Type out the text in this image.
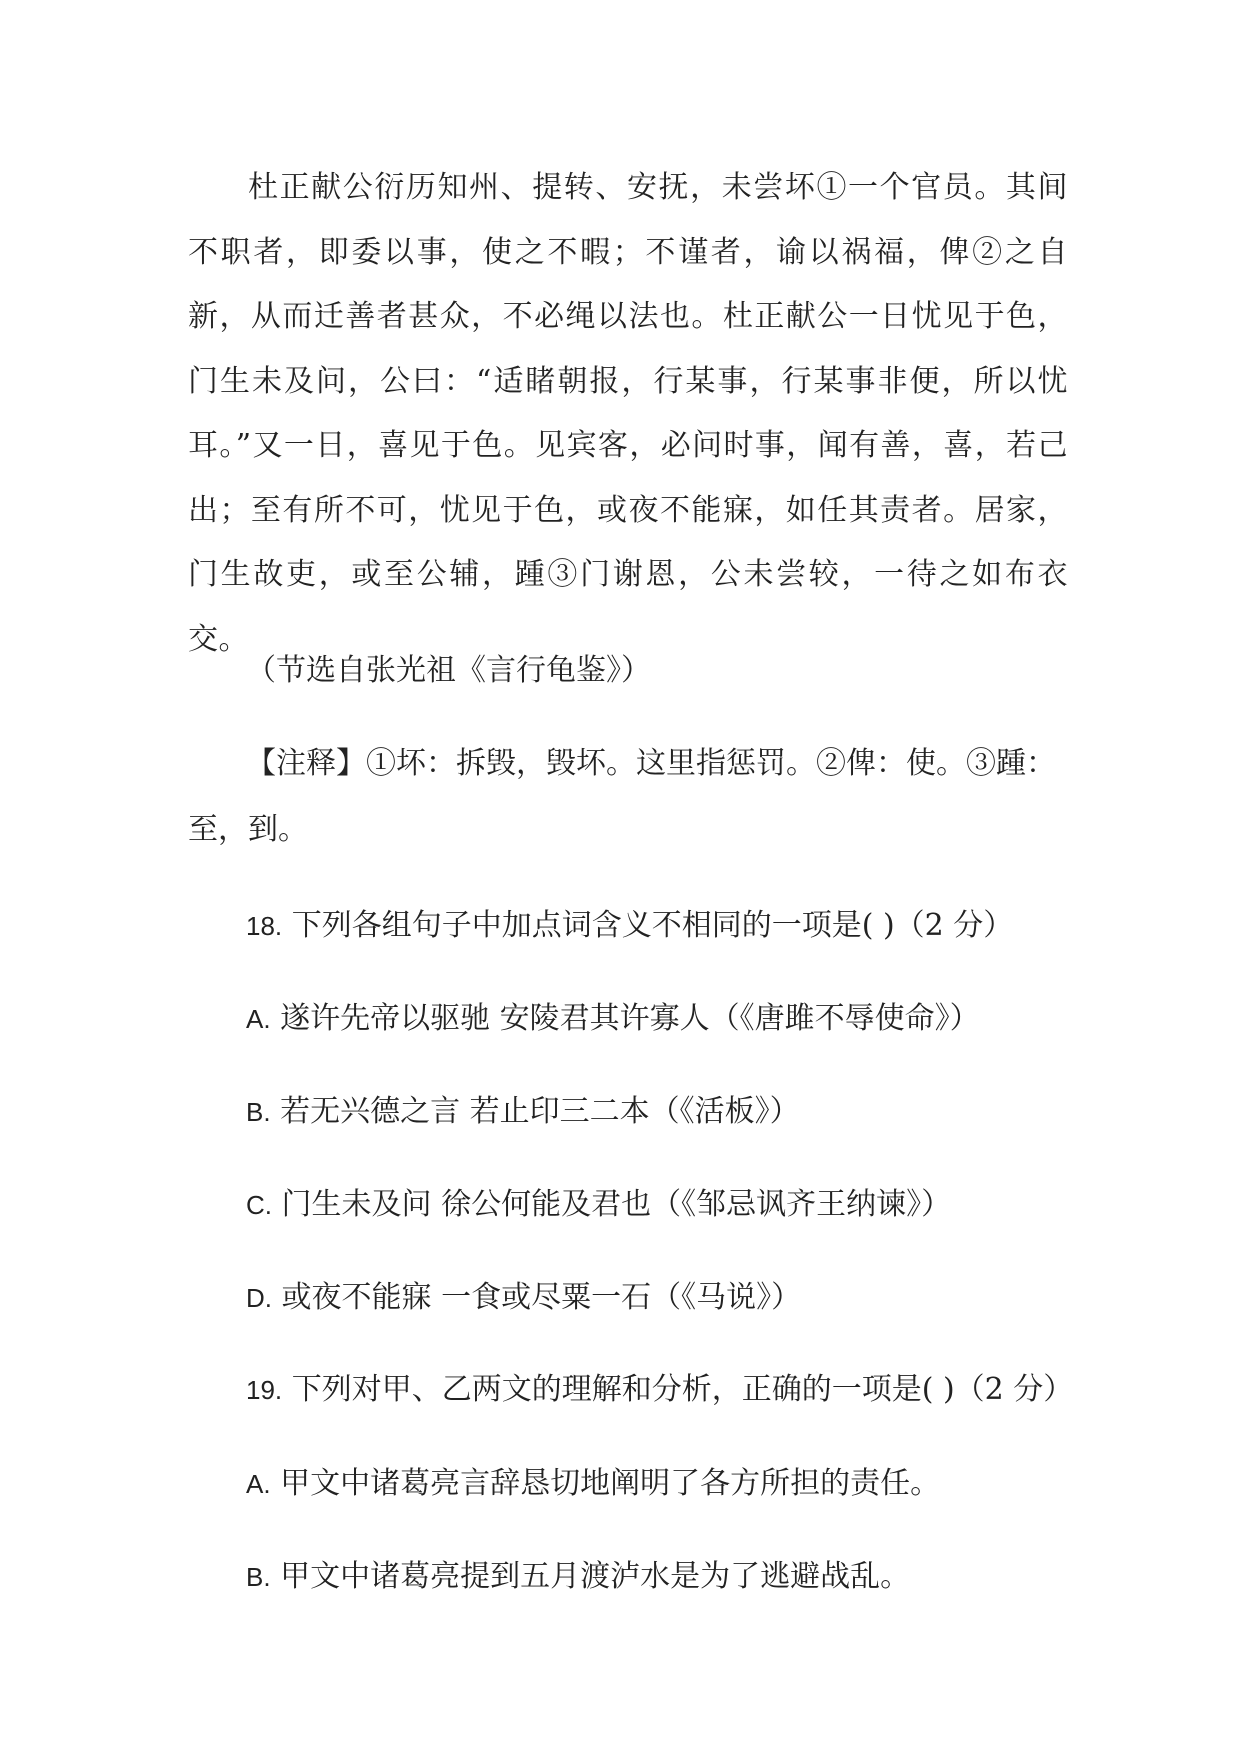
杜正献公衍历知州、提转、安抚，未尝坏①一个官员。其间不职者，即委以事，使之不暇；不谨者，谕以祸福，俾②之自新，从而迁善者甚众，不必绳以法也。杜正献公一日忧见于色，门生未及问，公曰：“适睹朝报，行某事，行某事非便，所以忧耳。”又一日，喜见于色。见宾客，必问时事，闻有善，喜，若己出；至有所不可，忧见于色，或夜不能寐，如任其责者。居家，门生故吏，或至公辅，踵③门谢恩，公未尝较，一待之如布衣交。
（节选自张光祖《言行龟鉴》）
【注释】①坏：拆毁，毁坏。这里指惩罚。②俾：使。③踵：
至，到。
18. 下列各组句子中加点词含义不相同的一项是( )（2 分）
A. 遂许先帝以驱驰 安陵君其许寡人（《唐雎不辱使命》）
B. 若无兴德之言 若止印三二本（《活板》）
C. 门生未及问 徐公何能及君也（《邹忌讽齐王纳谏》）
D. 或夜不能寐 一食或尽粟一石（《马说》）
19. 下列对甲、乙两文的理解和分析，正确的一项是( )（2 分）
A. 甲文中诸葛亮言辞恳切地阐明了各方所担的责任。
B. 甲文中诸葛亮提到五月渡泸水是为了逃避战乱。
